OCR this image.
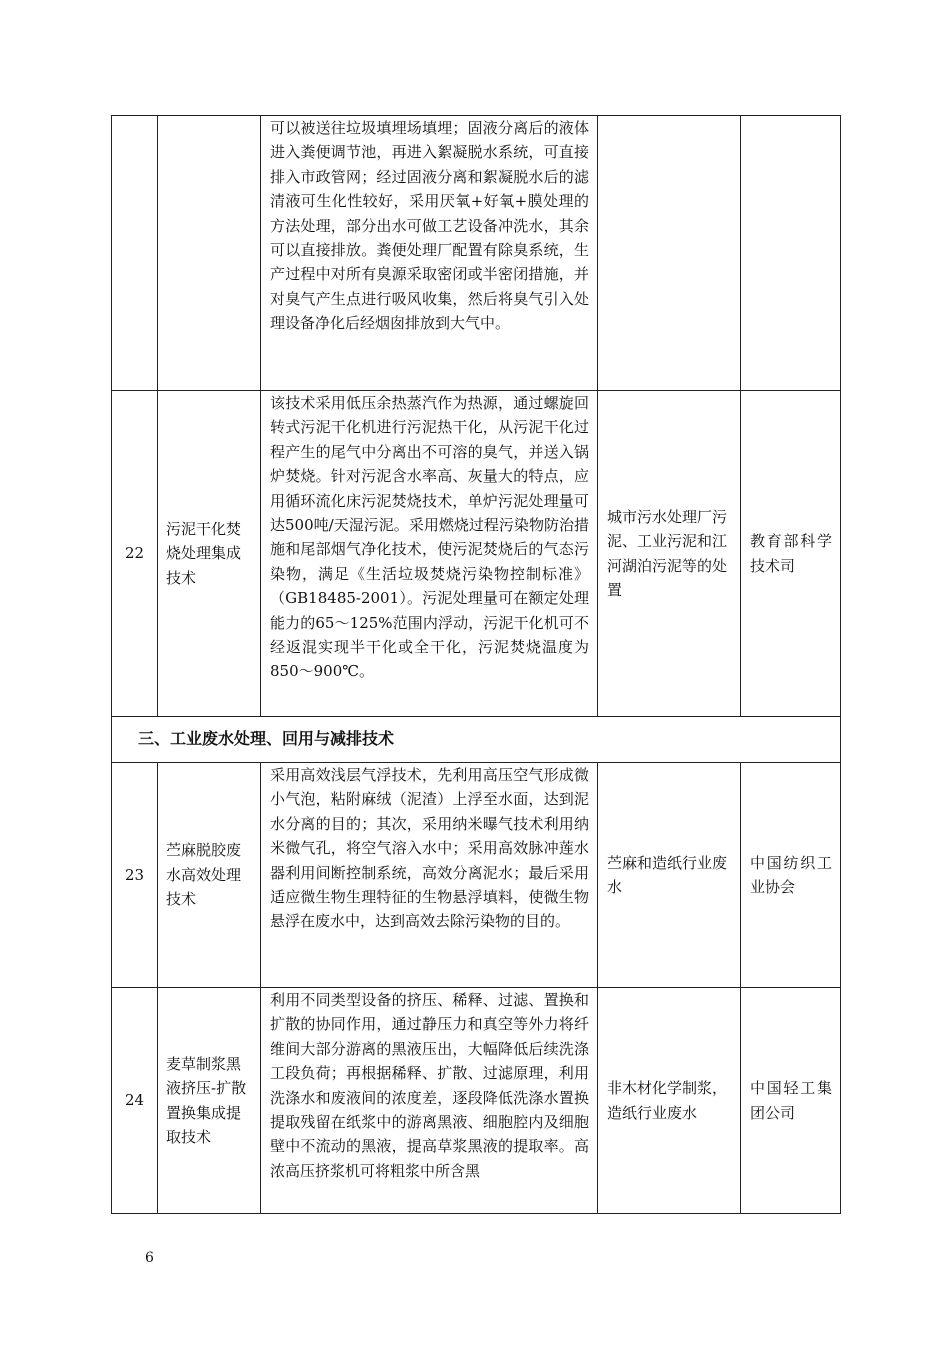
		可以被送往垃圾填埋场填埋；固液分离后的液体进入粪便调节池，再进入絮凝脱水系统，可直接排入市政管网；经过固液分离和絮凝脱水后的滤清液可生化性较好，采用厌氧+好氧+膜处理的方法处理，部分出水可做工艺设备冲洗水，其余可以直接排放。粪便处理厂配置有除臭系统，生产过程中对所有臭源采取密闭或半密闭措施，并对臭气产生点进行吸风收集，然后将臭气引入处理设备净化后经烟囱排放到大气中。		
22	污泥干化焚烧处理集成技术	该技术采用低压余热蒸汽作为热源，通过螺旋回转式污泥干化机进行污泥热干化，从污泥干化过程产生的尾气中分离出不可溶的臭气，并送入锅炉焚烧。针对污泥含水率高、灰量大的特点，应用循环流化床污泥焚烧技术，单炉污泥处理量可达500吨/天湿污泥。采用燃烧过程污染物防治措施和尾部烟气净化技术，使污泥焚烧后的气态污染物，满足《生活垃圾焚烧污染物控制标准》（GB18485-2001）。污泥处理量可在额定处理能力的65～125%范围内浮动，污泥干化机可不经返混实现半干化或全干化，污泥焚烧温度为850～900℃。	城市污水处理厂污泥、工业污泥和江河湖泊污泥等的处置	教育部科学技术司
三、工业废水处理、回用与减排技术				
23	苎麻脱胶废水高效处理技术	采用高效浅层气浮技术，先利用高压空气形成微小气泡，粘附麻绒（泥渣）上浮至水面，达到泥水分离的目的；其次，采用纳米曝气技术利用纳米微气孔，将空气溶入水中；采用高效脉冲莲水器利用间断控制系统，高效分离泥水；最后采用适应微生物生理特征的生物悬浮填料，使微生物悬浮在废水中，达到高效去除污染物的目的。	苎麻和造纸行业废水	中国纺织工业协会
24	麦草制浆黑液挤压-扩散置换集成提取技术	利用不同类型设备的挤压、稀释、过滤、置换和扩散的协同作用，通过静压力和真空等外力将纤维间大部分游离的黑液压出，大幅降低后续洗涤工段负荷；再根据稀释、扩散、过滤原理，利用洗涤水和废液间的浓度差，逐段降低洗涤水置换提取残留在纸浆中的游离黑液、细胞腔内及细胞壁中不流动的黑液，提高草浆黑液的提取率。高浓高压挤浆机可将粗浆中所含黑	非木材化学制浆，造纸行业废水	中国轻工集团公司
6
